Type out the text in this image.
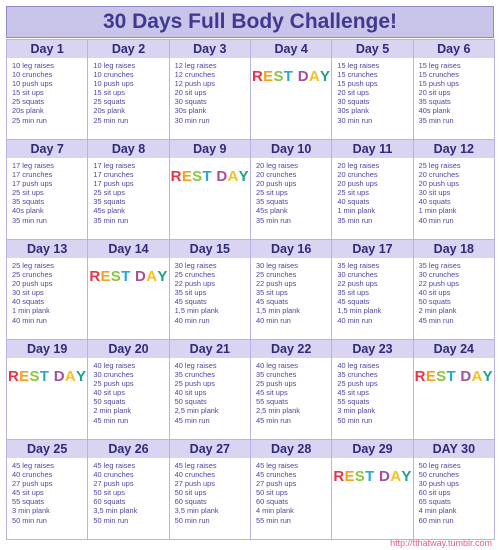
30 Days Full Body Challenge!
Day 1
10 leg raises
10 crunches
10 push ups
15 sit ups
25 squats
20s plank
25 min run
Day 2
10 leg raises
10 crunches
10 push ups
15 sit ups
25 squats
20s plank
25 min run
Day 3
12 leg raises
12 crunches
12 push ups
20 sit ups
30 squats
30s plank
30 min run
Day 4
REST DAY
Day 5
15 leg raises
15 crunches
15 push ups
20 sit ups
30 squats
30s plank
30 min run
Day 6
15 leg raises
15 crunches
15 push ups
20 sit ups
35 squats
40s plank
35 min run
Day 7
17 leg raises
17 crunches
17 push ups
25 sit ups
35 squats
40s plank
35 min run
Day 8
17 leg raises
17 crunches
17 push ups
25 sit ups
35 squats
45s plank
35 min run
Day 9
REST DAY
Day 10
20 leg raises
20 crunches
20 push ups
25 sit ups
35 squats
45s plank
35 min run
Day 11
20 leg raises
20 crunches
20 push ups
25 sit ups
40 squats
1 min plank
35 min run
Day 12
25 leg raises
20 crunches
20 push ups
30 sit ups
40 squats
1 min plank
40 min run
Day 13
25 leg raises
25 crunches
20 push ups
30 sit ups
40 squats
1 min plank
40 min run
Day 14
REST DAY
Day 15
30 leg raises
25 crunches
22 push ups
35 sit ups
45 squats
1,5 min plank
40 min run
Day 16
30 leg raises
25 crunches
22 push ups
35 sit ups
45 squats
1,5 min plank
40 min run
Day 17
35 leg raises
30 crunches
22 push ups
35 sit ups
45 squats
1,5 min plank
40 min run
Day 18
35 leg raises
30 crunches
22 push ups
40 sit ups
50 squats
2 min plank
45 min run
Day 19
REST DAY
Day 20
40 leg raises
30 crunches
25 push ups
40 sit ups
50 squats
2 min plank
45 min run
Day 21
40 leg raises
35 crunches
25 push ups
40 sit ups
50 squats
2,5 min plank
45 min run
Day 22
40 leg raises
35 crunches
25 push ups
45 sit ups
55 squats
2,5 min plank
45 min run
Day 23
40 leg raises
35 crunches
25 push ups
45 sit ups
55 squats
3 min plank
50 min run
Day 24
REST DAY
Day 25
45 leg raises
40 crunches
27 push ups
45 sit ups
55 squats
3 min plank
50 min run
Day 26
45 leg raises
40 crunches
27 push ups
50 sit ups
60 squats
3,5 min plank
50 min run
Day 27
45 leg raises
40 crunches
27 push ups
50 sit ups
60 squats
3,5 min plank
50 min run
Day 28
45 leg raises
45 crunches
27 push ups
50 sit ups
60 squats
4 min plank
55 min run
Day 29
REST DAY
DAY 30
50 leg raises
50 crunches
30 push ups
60 sit ups
65 squats
4 min plank
60 min run
http://tthatway.tumblr.com
